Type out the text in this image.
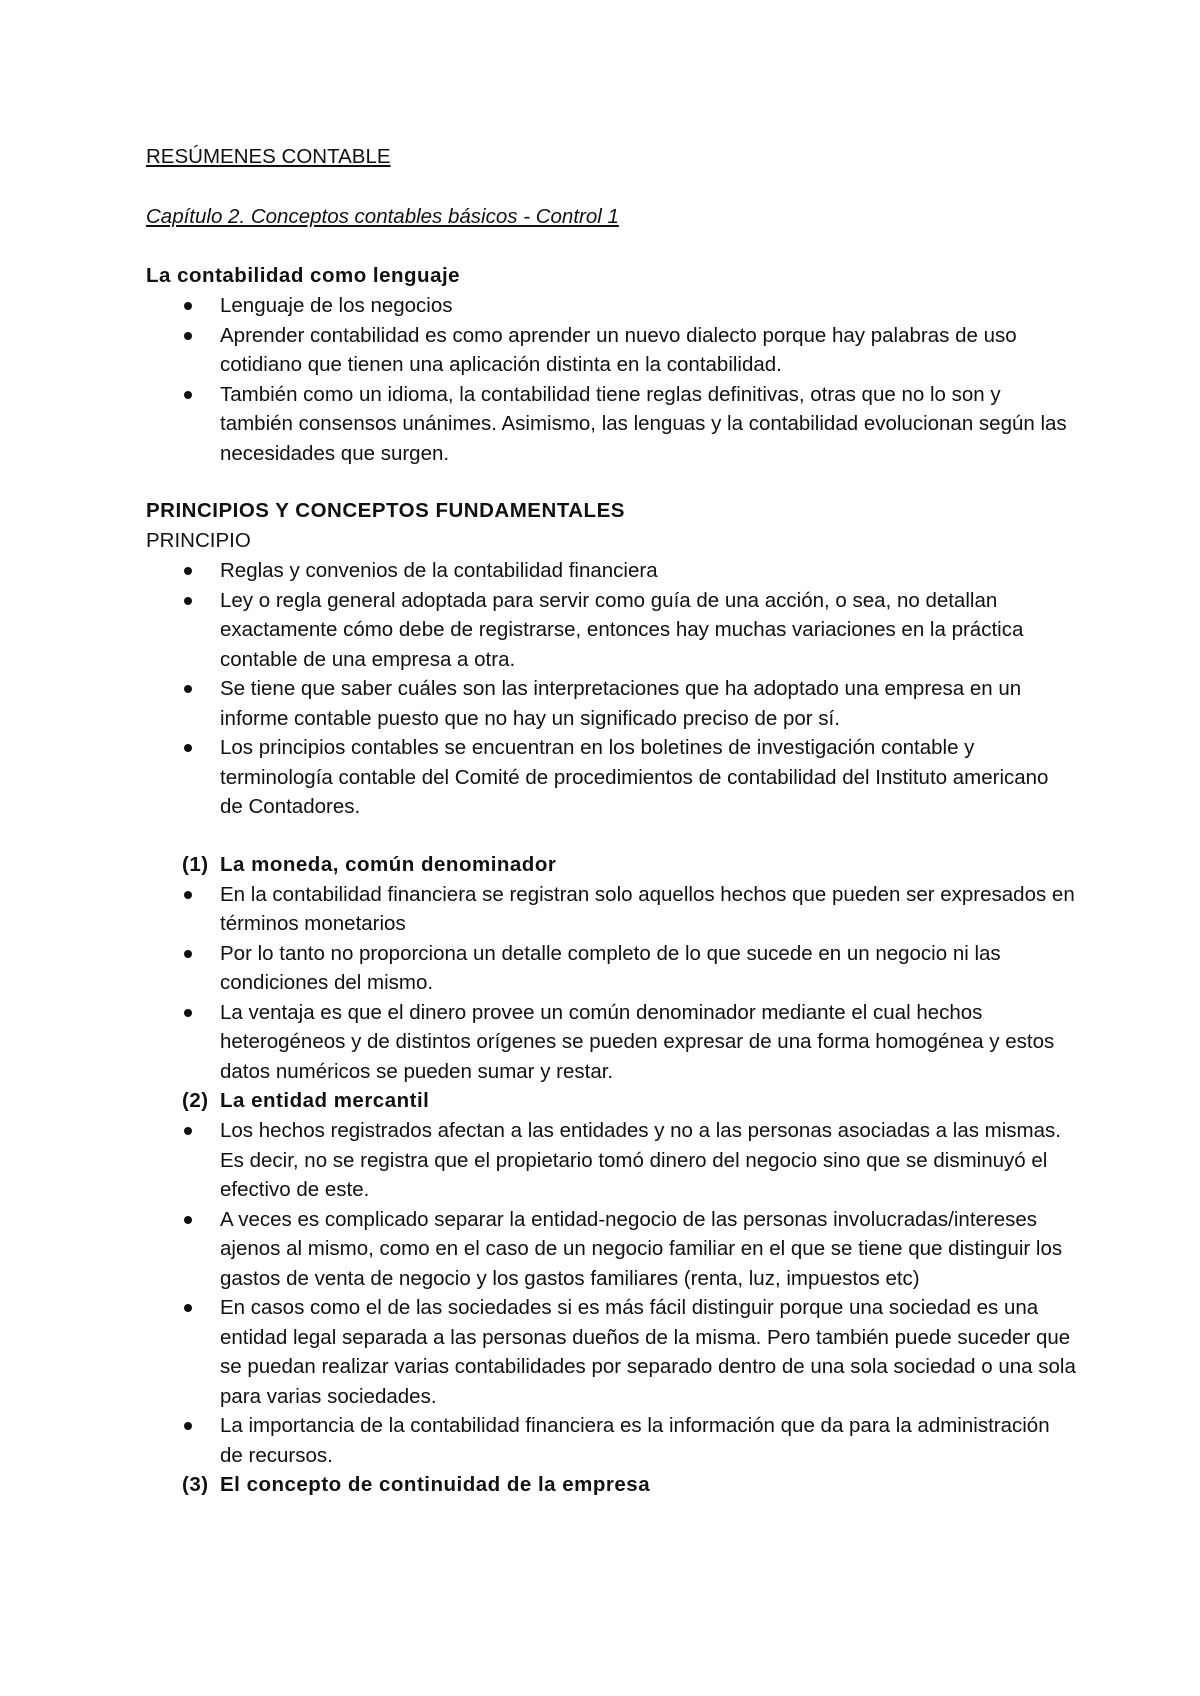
RESÚMENES CONTABLE
Capítulo 2. Conceptos contables básicos - Control 1
La contabilidad como lenguaje
Lenguaje de los negocios
Aprender contabilidad es como aprender un nuevo dialecto porque hay palabras de uso cotidiano que tienen una aplicación distinta en la contabilidad.
También como un idioma, la contabilidad tiene reglas definitivas, otras que no lo son y también consensos unánimes. Asimismo, las lenguas y la contabilidad evolucionan según las necesidades que surgen.
PRINCIPIOS Y CONCEPTOS FUNDAMENTALES
PRINCIPIO
Reglas y convenios de la contabilidad financiera
Ley o regla general adoptada para servir como guía de una acción, o sea, no detallan exactamente cómo debe de registrarse, entonces hay muchas variaciones en la práctica contable de una empresa a otra.
Se tiene que saber cuáles son las interpretaciones que ha adoptado una empresa en un informe contable puesto que no hay un significado preciso de por sí.
Los principios contables se encuentran en los boletines de investigación contable y terminología contable del Comité de procedimientos de contabilidad del Instituto americano de Contadores.
(1) La moneda, común denominador
En la contabilidad financiera se registran solo aquellos hechos que pueden ser expresados en términos monetarios
Por lo tanto no proporciona un detalle completo de lo que sucede en un negocio ni las condiciones del mismo.
La ventaja es que el dinero provee un común denominador mediante el cual hechos heterogéneos y de distintos orígenes se pueden expresar de una forma homogénea y estos datos numéricos se pueden sumar y restar.
(2) La entidad mercantil
Los hechos registrados afectan a las entidades y no a las personas asociadas a las mismas. Es decir, no se registra que el propietario tomó dinero del negocio sino que se disminuyó el efectivo de este.
A veces es complicado separar la entidad-negocio de las personas involucradas/intereses ajenos al mismo, como en el caso de un negocio familiar en el que se tiene que distinguir los gastos de venta de negocio y los gastos familiares (renta, luz, impuestos etc)
En casos como el de las sociedades si es más fácil distinguir porque una sociedad es una entidad legal separada a las personas dueños de la misma. Pero también puede suceder que se puedan realizar varias contabilidades por separado dentro de una sola sociedad o una sola para varias sociedades.
La importancia de la contabilidad financiera es la información que da para la administración de recursos.
(3) El concepto de continuidad de la empresa
